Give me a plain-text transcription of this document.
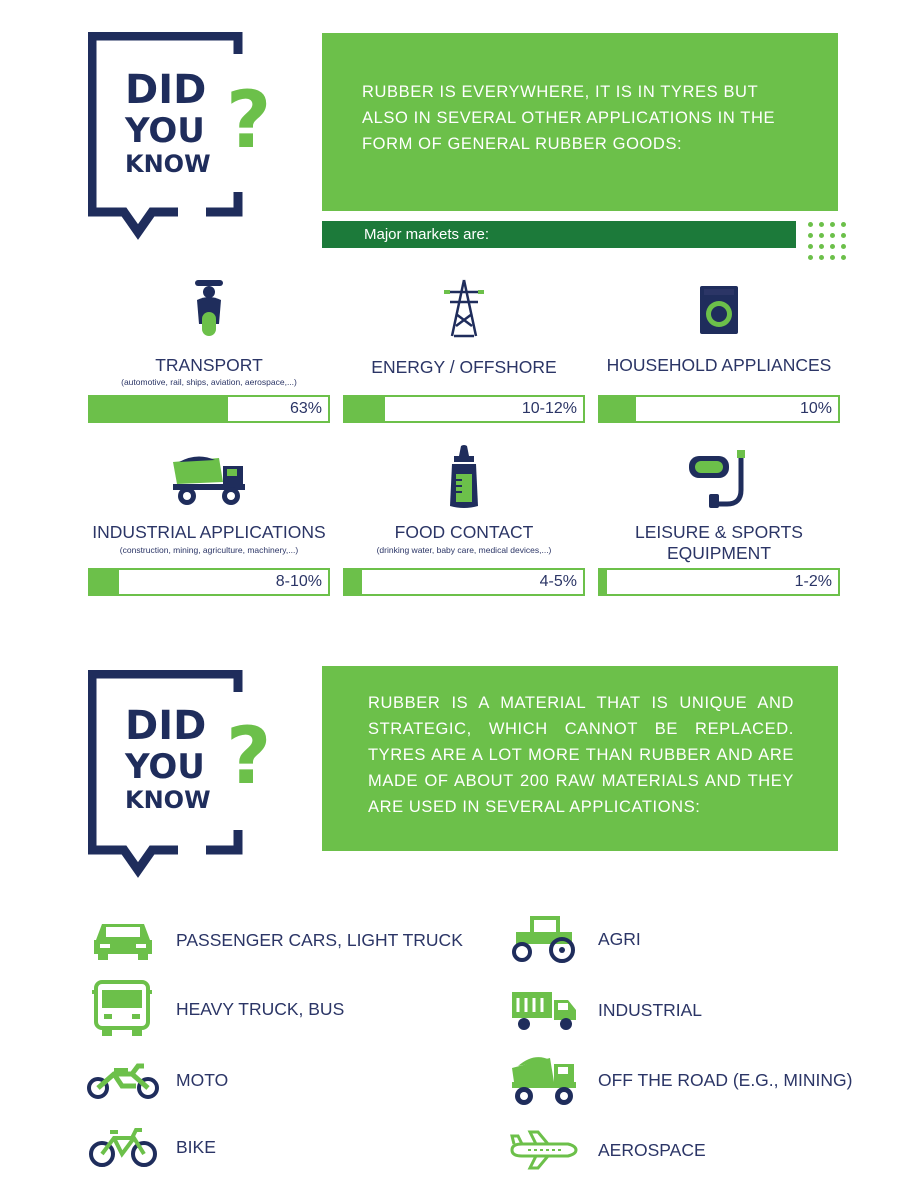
DID
YOU
KNOW ?	RUBBER IS EVERYWHERE, IT IS IN TYRES BUT ALSO IN SEVERAL OTHER APPLICATIONS IN THE FORM OF GENERAL RUBBER GOODS:
Major markets are:
TRANSPORT
(automotive, rail, ships, aviation, aerospace,...)
63%
ENERGY / OFFSHORE
10-12%
HOUSEHOLD APPLIANCES
10%
INDUSTRIAL APPLICATIONS
(construction, mining, agriculture, machinery,...)
8-10%
FOOD CONTACT
(drinking water, baby care, medical devices,...)
4-5%
LEISURE & SPORTS EQUIPMENT
1-2%
DID
YOU
KNOW ?
RUBBER IS A MATERIAL THAT IS UNIQUE AND STRATEGIC, WHICH CANNOT BE REPLACED. TYRES ARE A LOT MORE THAN RUBBER AND ARE MADE OF ABOUT 200 RAW MATERIALS AND THEY ARE USED IN SEVERAL APPLICATIONS:
PASSENGER CARS, LIGHT TRUCK
HEAVY TRUCK, BUS
MOTO
BIKE
AGRI
INDUSTRIAL
OFF THE ROAD (E.G., MINING)
AEROSPACE
